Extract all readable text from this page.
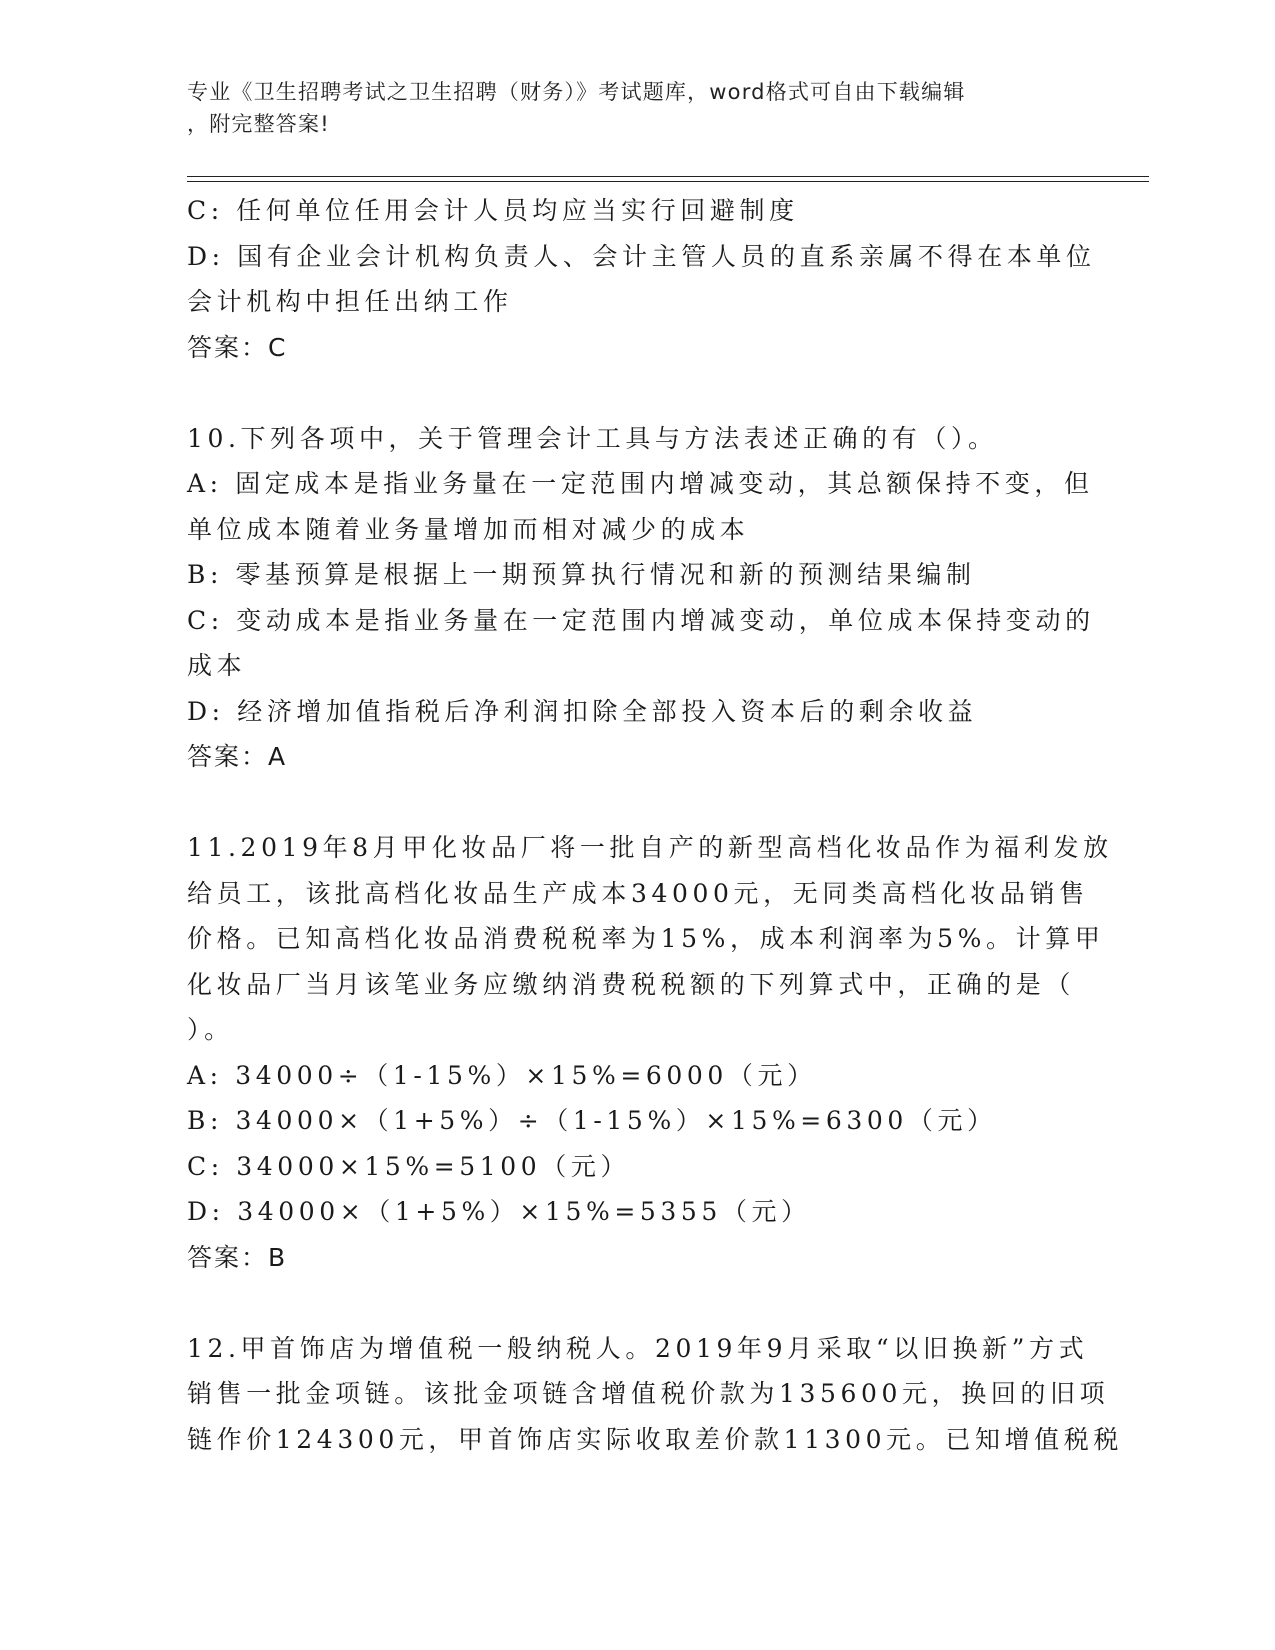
专业《卫生招聘考试之卫生招聘（财务）》考试题库，word格式可自由下载编辑
，附完整答案!
C: 任何单位任用会计人员均应当实行回避制度
D: 国有企业会计机构负责人、会计主管人员的直系亲属不得在本单位
会计机构中担任出纳工作
答案：C
10.下列各项中，关于管理会计工具与方法表述正确的有（）。
A: 固定成本是指业务量在一定范围内增减变动，其总额保持不变，但
单位成本随着业务量增加而相对减少的成本
B: 零基预算是根据上一期预算执行情况和新的预测结果编制
C: 变动成本是指业务量在一定范围内增减变动，单位成本保持变动的
成本
D: 经济增加值指税后净利润扣除全部投入资本后的剩余收益
答案：A
11.2019年8月甲化妆品厂将一批自产的新型高档化妆品作为福利发放
给员工，该批高档化妆品生产成本34000元，无同类高档化妆品销售
价格。已知高档化妆品消费税税率为15%，成本利润率为5%。计算甲
化妆品厂当月该笔业务应缴纳消费税税额的下列算式中，正确的是（
）。
A: 34000÷（1-15%）×15%=6000（元）
B: 34000×（1+5%）÷（1-15%）×15%=6300（元）
C: 34000×15%=5100（元）
D: 34000×（1+5%）×15%=5355（元）
答案：B
12.甲首饰店为增值税一般纳税人。2019年9月采取“以旧换新”方式
销售一批金项链。该批金项链含增值税价款为135600元，换回的旧项
链作价124300元，甲首饰店实际收取差价款11300元。已知增值税税
